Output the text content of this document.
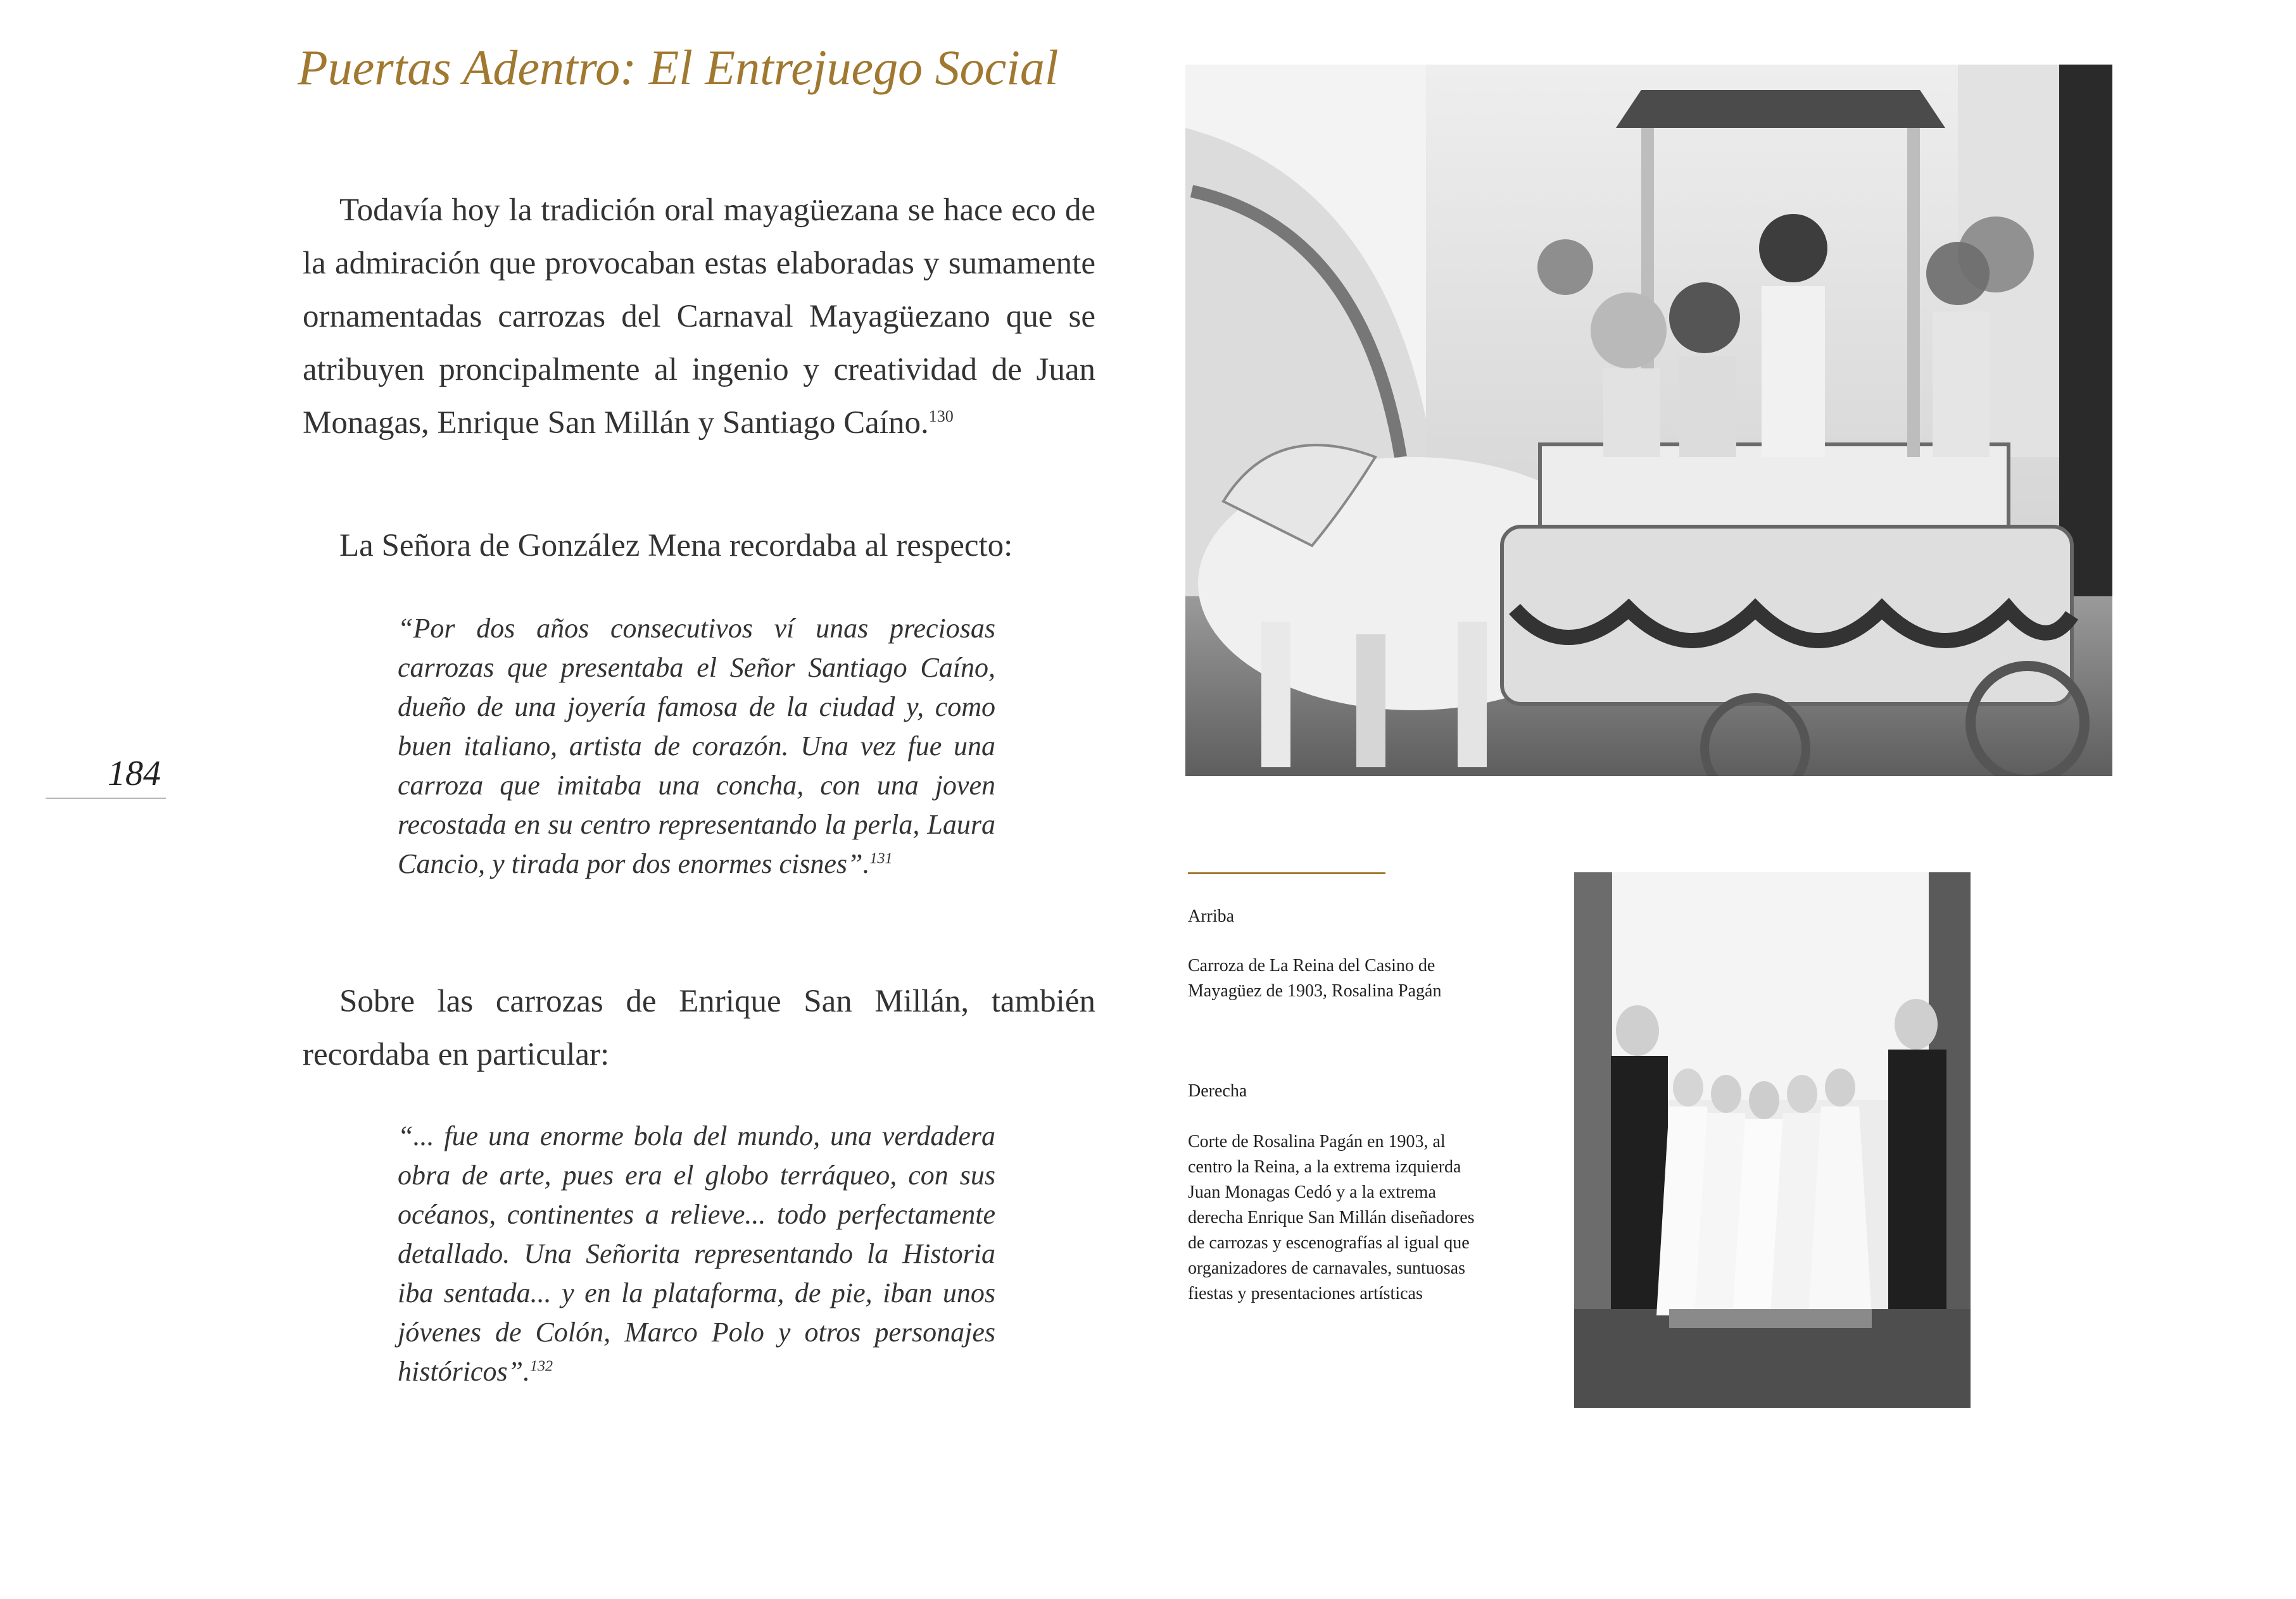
Puertas Adentro: El Entrejuego Social

Todavía hoy la tradición oral mayagüezana se hace eco de la admiración que provocaban estas elaboradas y sumamente ornamentadas carrozas del Carnaval Mayagüezano que se atribuyen proncipalmente al ingenio y creatividad de Juan Monagas, Enrique San Millán y Santiago Caíno.$^{130}$

La Señora de González Mena recordaba al respecto:

“Por dos años consecutivos ví unas preciosas carrozas que presentaba el Señor Santiago Caíno, dueño de una joyería famosa de la ciudad y, como buen italiano, artista de corazón. Una vez fue una carroza que imitaba una concha, con una joven recostada en su centro representando la perla, Laura Cancio, y tirada por dos enormes cisnes”.$^{131}$

Sobre las carrozas de Enrique San Millán, también recordaba en particular:

“... fue una enorme bola del mundo, una verdadera obra de arte, pues era el globo terráqueo, con sus océanos, continentes a relieve... todo perfectamente detallado. Una Señorita representando la Historia iba sentada... y en la plataforma, de pie, iban unos jóvenes de Colón, Marco Polo y otros personajes históricos”.$^{132}$

184

Arriba

Carroza de La Reina del Casino de Mayagüez de 1903, Rosalina Pagán

Derecha

Corte de Rosalina Pagán en 1903, al centro la Reina, a la extrema izquierda Juan Monagas Cedó y a la extrema derecha Enrique San Millán diseñadores de carrozas y escenografías al igual que organizadores de carnavales, suntuosas fiestas y presentaciones artísticas
